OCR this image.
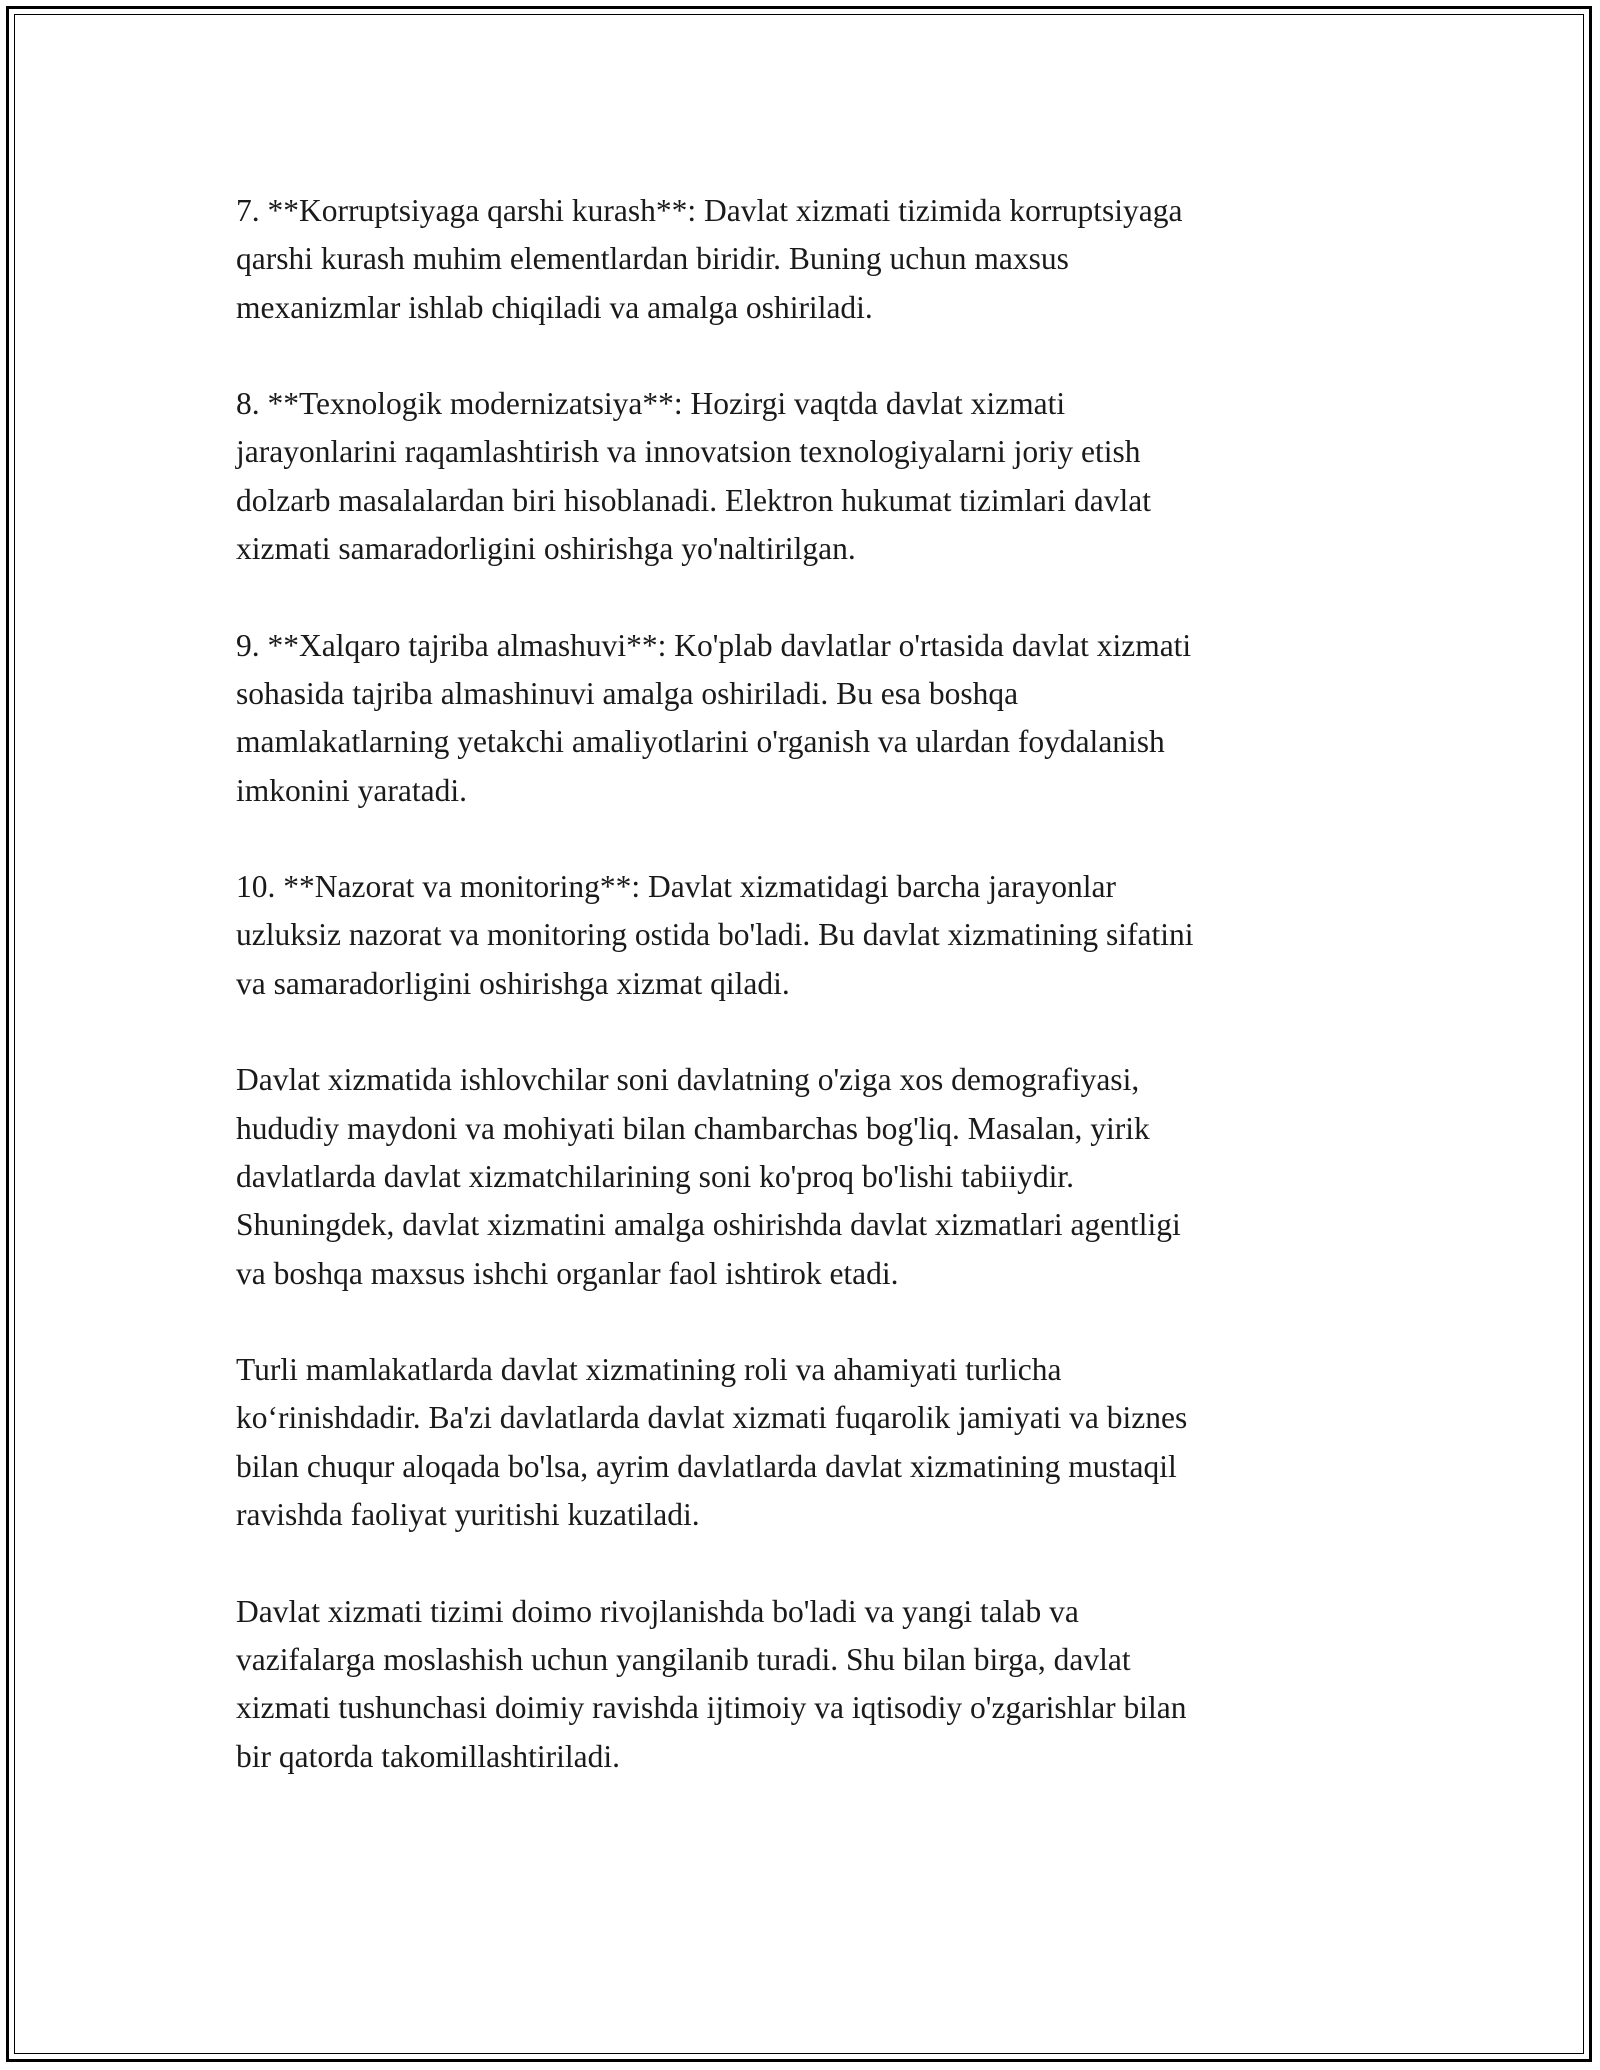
7. **Korruptsiyaga qarshi kurash**: Davlat xizmati tizimida korruptsiyaga
qarshi kurash muhim elementlardan biridir. Buning uchun maxsus
mexanizmlar ishlab chiqiladi va amalga oshiriladi.

8. **Texnologik modernizatsiya**: Hozirgi vaqtda davlat xizmati
jarayonlarini raqamlashtirish va innovatsion texnologiyalarni joriy etish
dolzarb masalalardan biri hisoblanadi. Elektron hukumat tizimlari davlat
xizmati samaradorligini oshirishga yo'naltirilgan.

9. **Xalqaro tajriba almashuvi**: Ko'plab davlatlar o'rtasida davlat xizmati
sohasida tajriba almashinuvi amalga oshiriladi. Bu esa boshqa
mamlakatlarning yetakchi amaliyotlarini o'rganish va ulardan foydalanish
imkonini yaratadi.

10. **Nazorat va monitoring**: Davlat xizmatidagi barcha jarayonlar
uzluksiz nazorat va monitoring ostida bo'ladi. Bu davlat xizmatining sifatini
va samaradorligini oshirishga xizmat qiladi.

Davlat xizmatida ishlovchilar soni davlatning o'ziga xos demografiyasi,
hududiy maydoni va mohiyati bilan chambarchas bog'liq. Masalan, yirik
davlatlarda davlat xizmatchilarining soni ko'proq bo'lishi tabiiydir.
Shuningdek, davlat xizmatini amalga oshirishda davlat xizmatlari agentligi
va boshqa maxsus ishchi organlar faol ishtirok etadi.

Turli mamlakatlarda davlat xizmatining roli va ahamiyati turlicha
ko‘rinishdadir. Ba'zi davlatlarda davlat xizmati fuqarolik jamiyati va biznes
bilan chuqur aloqada bo'lsa, ayrim davlatlarda davlat xizmatining mustaqil
ravishda faoliyat yuritishi kuzatiladi.

Davlat xizmati tizimi doimo rivojlanishda bo'ladi va yangi talab va
vazifalarga moslashish uchun yangilanib turadi. Shu bilan birga, davlat
xizmati tushunchasi doimiy ravishda ijtimoiy va iqtisodiy o'zgarishlar bilan
bir qatorda takomillashtiriladi.
